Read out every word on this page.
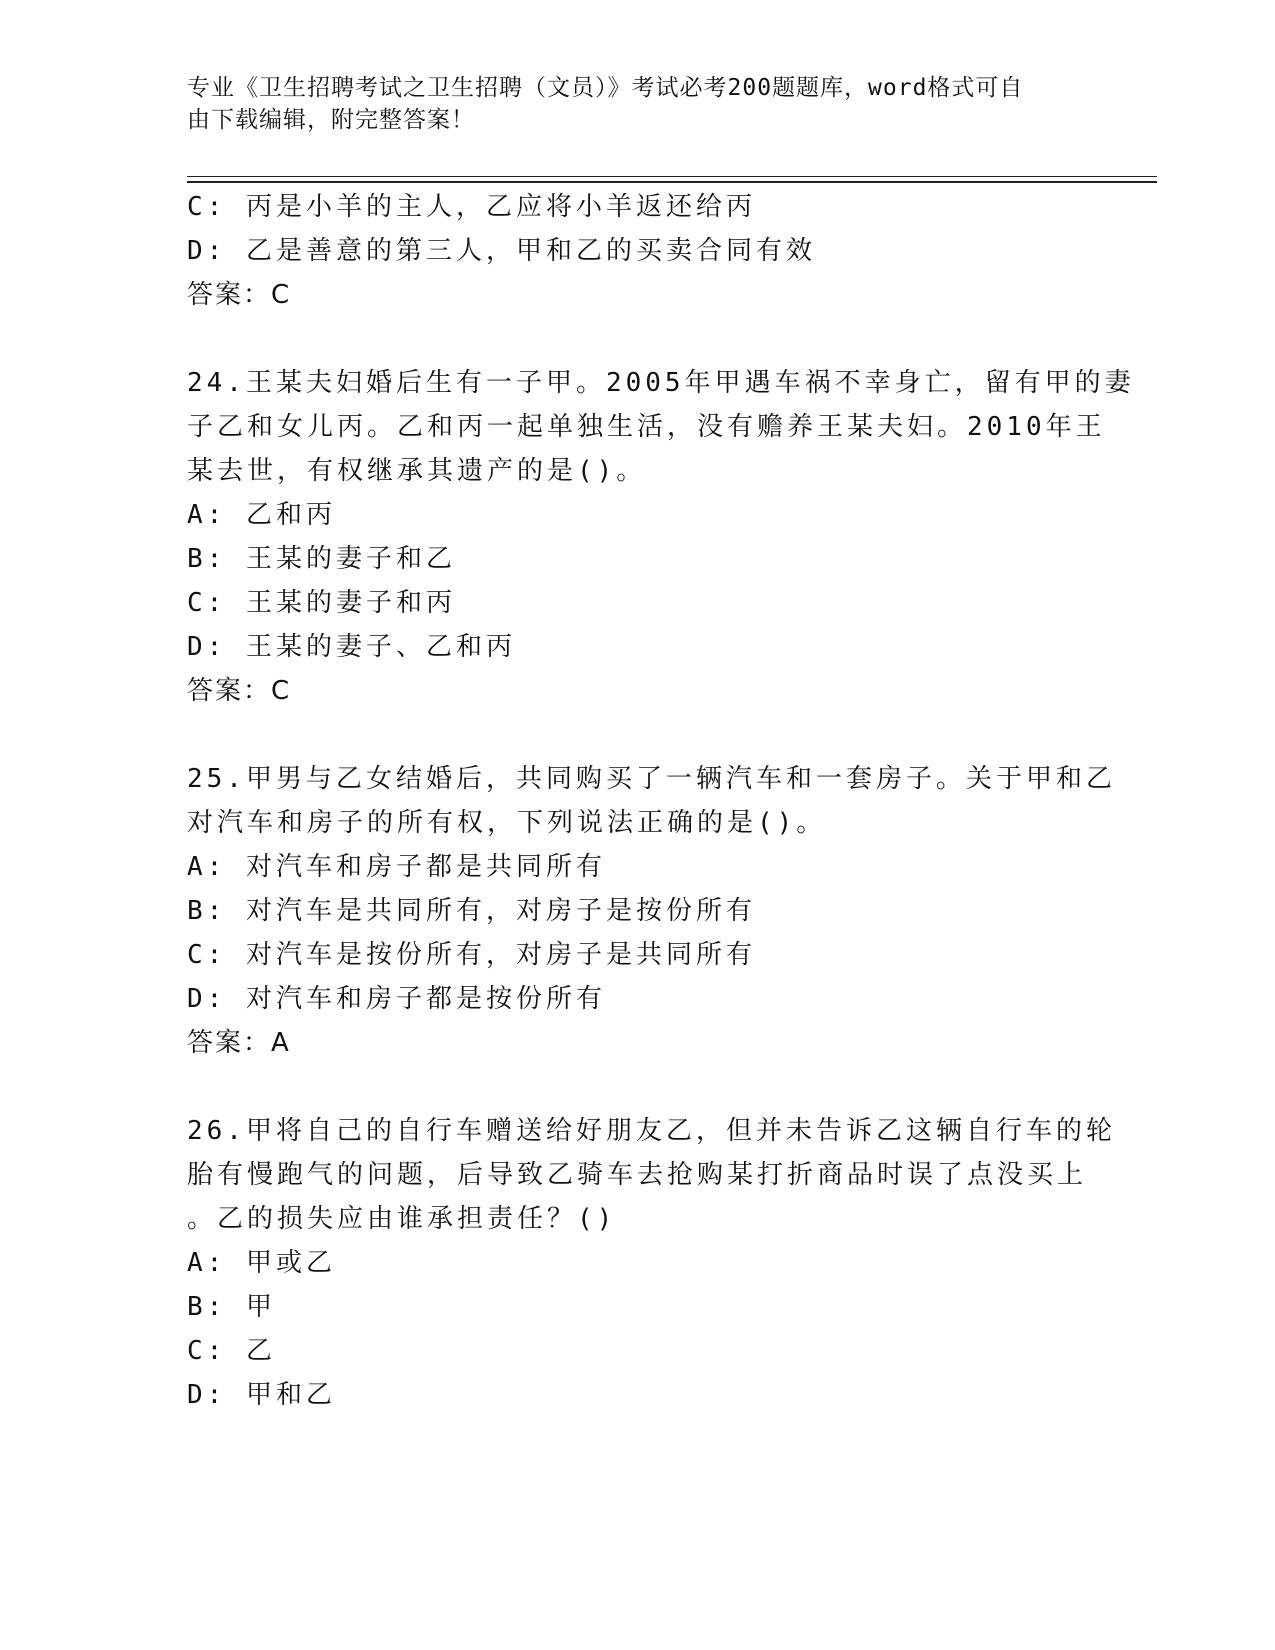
专业《卫生招聘考试之卫生招聘（文员）》考试必考200题题库，word格式可自
由下载编辑，附完整答案！
C: 丙是小羊的主人，乙应将小羊返还给丙
D: 乙是善意的第三人，甲和乙的买卖合同有效
答案：C
24.王某夫妇婚后生有一子甲。2005年甲遇车祸不幸身亡，留有甲的妻
子乙和女儿丙。乙和丙一起单独生活，没有赡养王某夫妇。2010年王
某去世，有权继承其遗产的是()。
A: 乙和丙
B: 王某的妻子和乙
C: 王某的妻子和丙
D: 王某的妻子、乙和丙
答案：C
25.甲男与乙女结婚后，共同购买了一辆汽车和一套房子。关于甲和乙
对汽车和房子的所有权，下列说法正确的是()。
A: 对汽车和房子都是共同所有
B: 对汽车是共同所有，对房子是按份所有
C: 对汽车是按份所有，对房子是共同所有
D: 对汽车和房子都是按份所有
答案：A
26.甲将自己的自行车赠送给好朋友乙，但并未告诉乙这辆自行车的轮
胎有慢跑气的问题，后导致乙骑车去抢购某打折商品时误了点没买上
。乙的损失应由谁承担责任？()
A: 甲或乙
B: 甲
C: 乙
D: 甲和乙
